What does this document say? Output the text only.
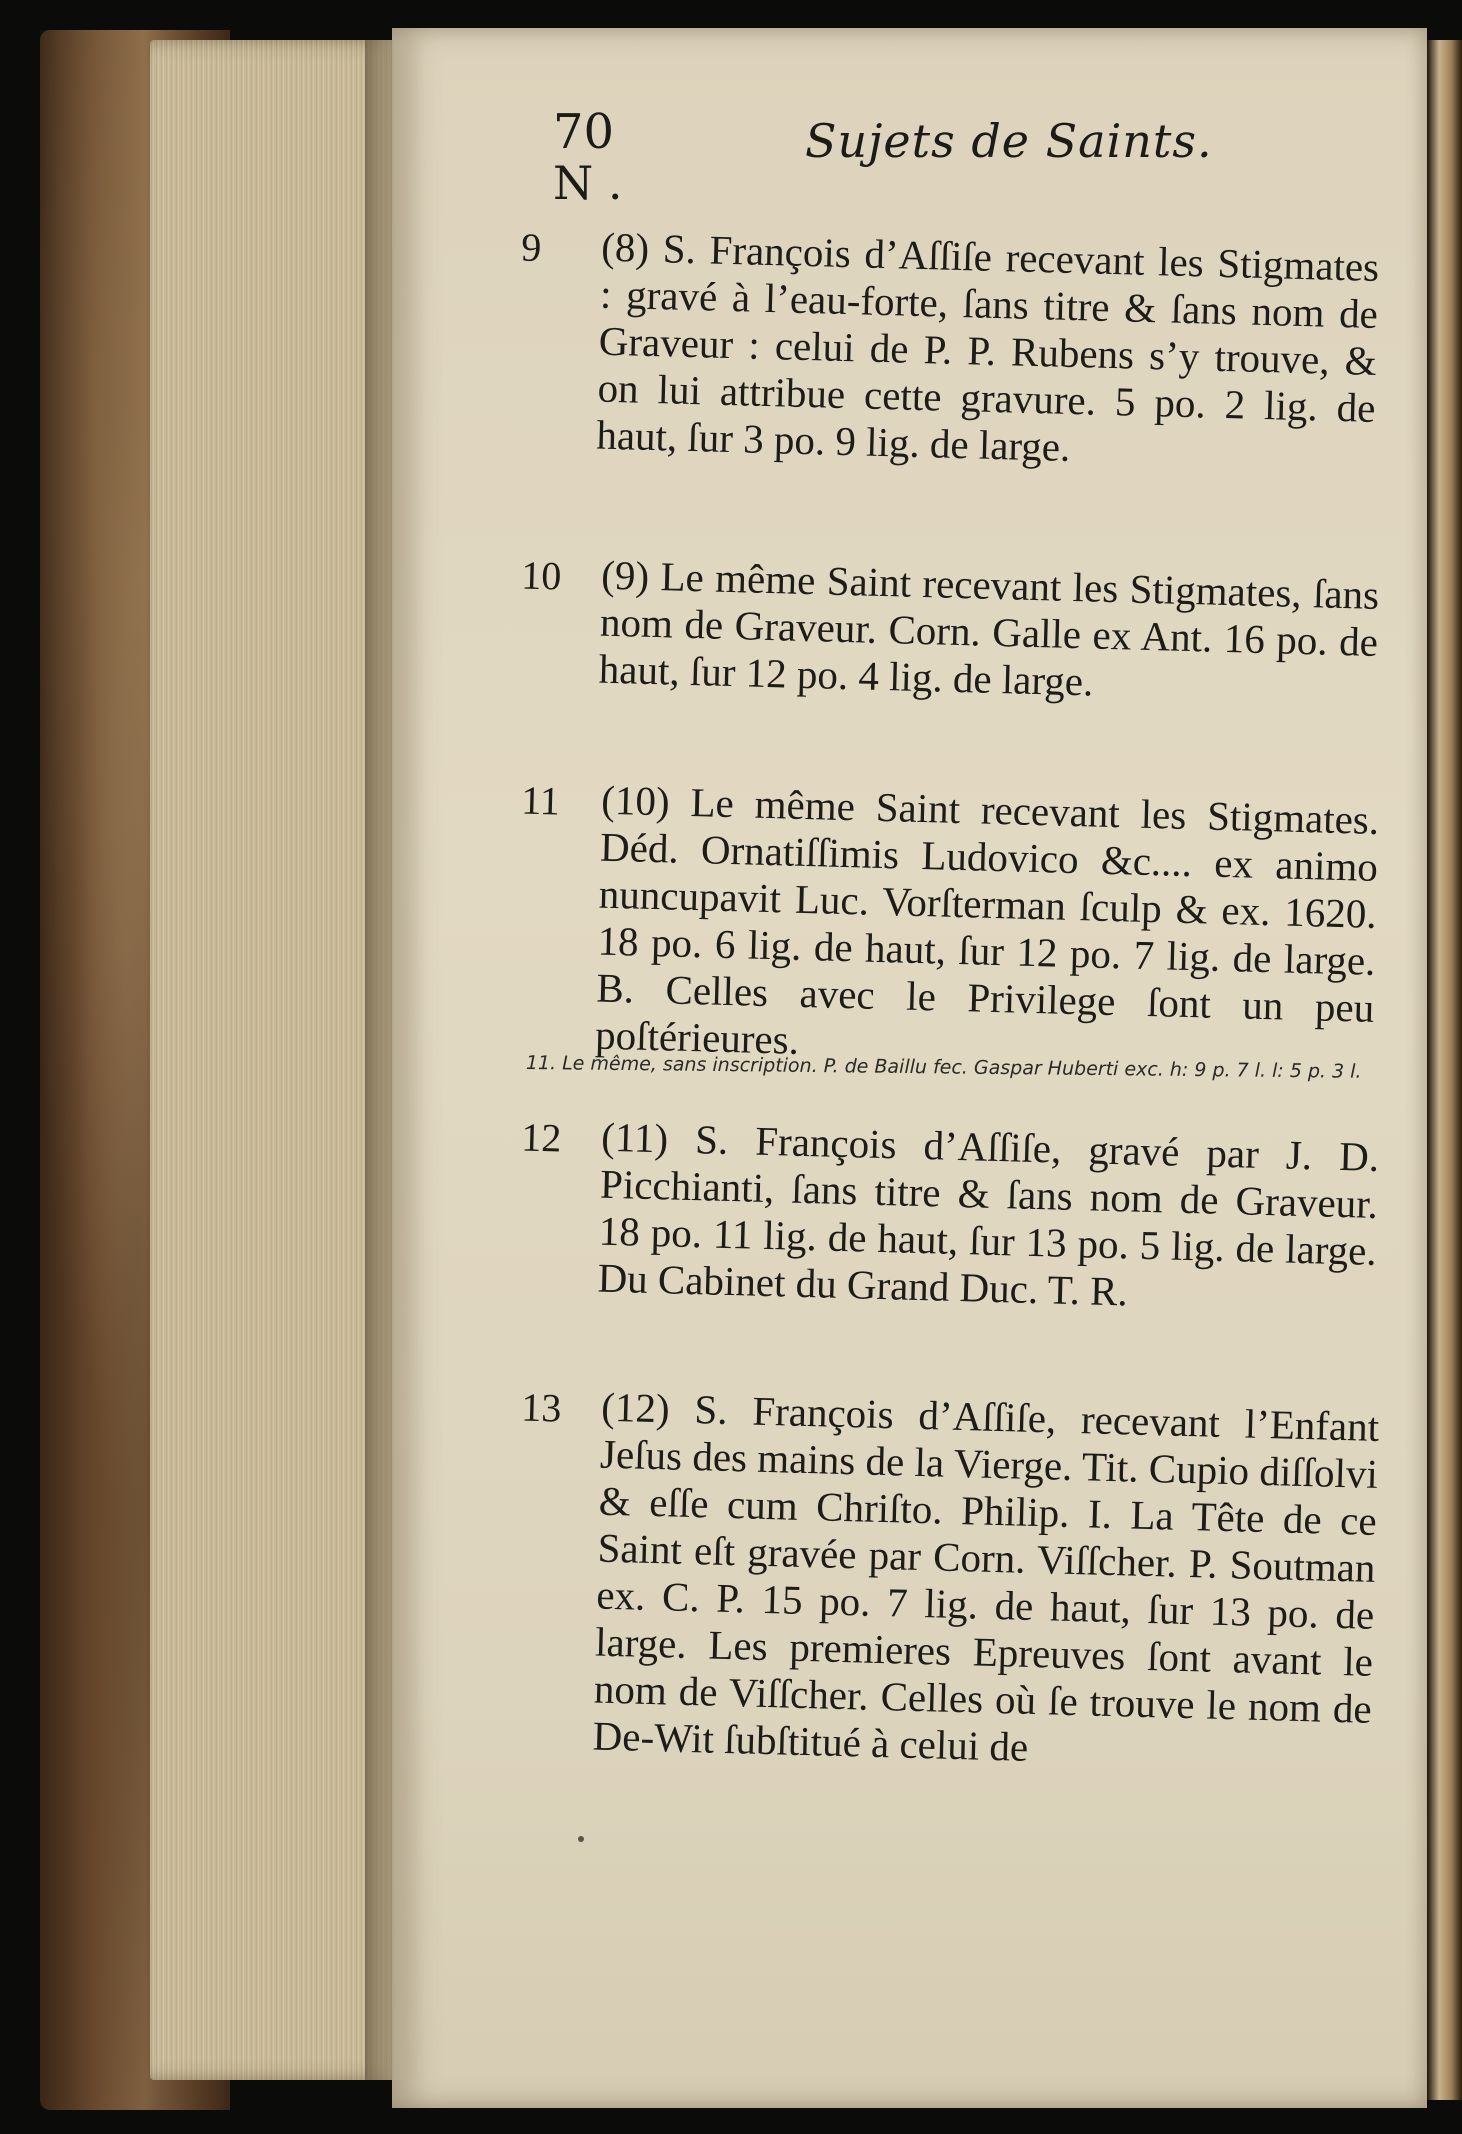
70
N .
Sujets de Saints.
9 (8) S. François d’Aſſiſe recevant les Stigmates : gravé à l’eau-forte, ſans titre & ſans nom de Graveur : celui de P. P. Rubens s’y trouve, & on lui attribue cette gravure. 5 po. 2 lig. de haut, ſur 3 po. 9 lig. de large.
10 (9) Le même Saint recevant les Stigmates, ſans nom de Graveur. Corn. Galle ex Ant. 16 po. de haut, ſur 12 po. 4 lig. de large.
11 (10) Le même Saint recevant les Stigmates. Déd. Ornatiſſimis Ludovico &c.... ex animo nuncupavit Luc. Vorſterman ſculp & ex. 1620. 18 po. 6 lig. de haut, ſur 12 po. 7 lig. de large. B. Celles avec le Privilege ſont un peu poſtérieures.
11. Le même, sans inscription. P. de Baillu fec. Gaspar Huberti exc. h: 9 p. 7 l. l: 5 p. 3 l.
12 (11) S. François d’Aſſiſe, gravé par J. D. Picchianti, ſans titre & ſans nom de Graveur. 18 po. 11 lig. de haut, ſur 13 po. 5 lig. de large. Du Cabinet du Grand Duc. T. R.
13 (12) S. François d’Aſſiſe, recevant l’Enfant Jeſus des mains de la Vierge. Tit. Cupio diſſolvi & eſſe cum Chriſto. Philip. I. La Tête de ce Saint eſt gravée par Corn. Viſſcher. P. Soutman ex. C. P. 15 po. 7 lig. de haut, ſur 13 po. de large. Les premieres Epreuves ſont avant le nom de Viſſcher. Celles où ſe trouve le nom de De-Wit ſubſtitué à celui de
